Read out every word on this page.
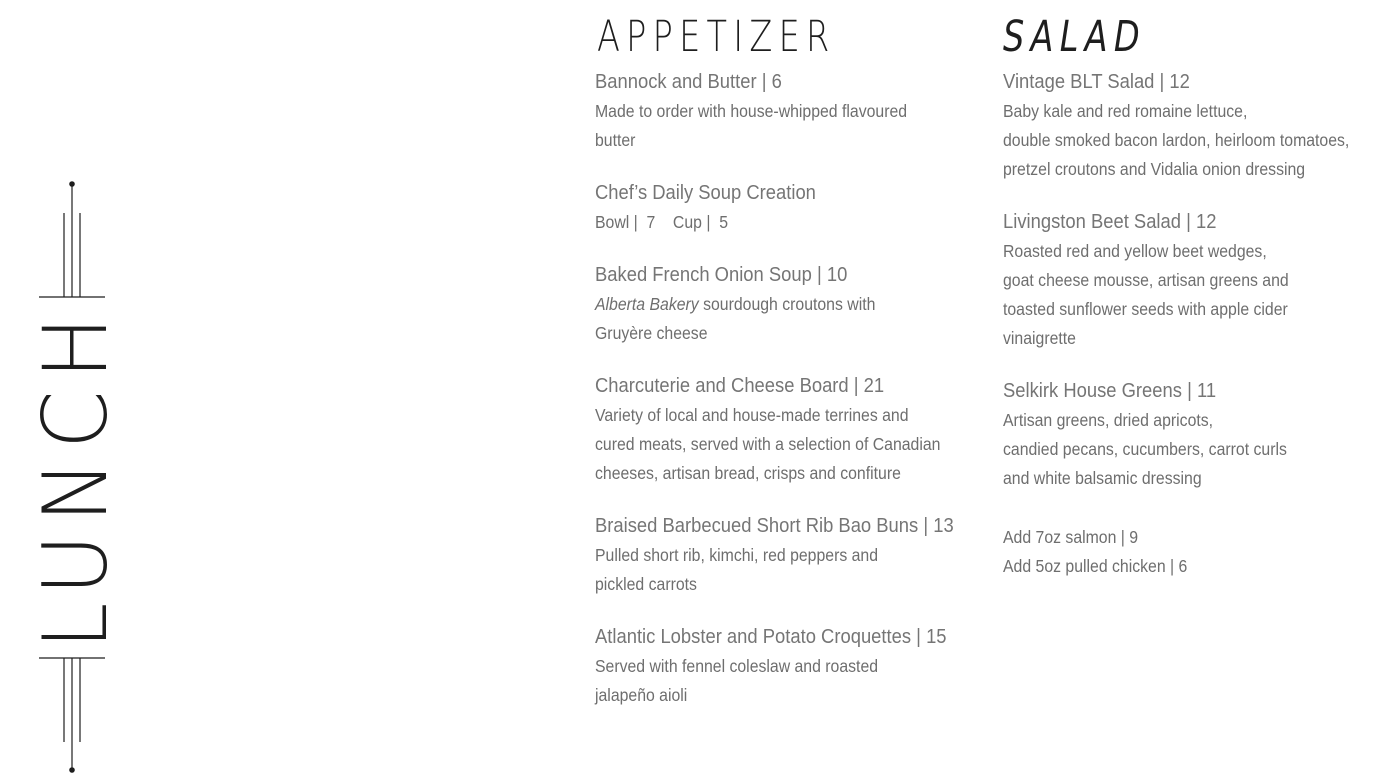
LUNCH
APPETIZER
Bannock and Butter | 6
Made to order with house-whipped flavoured
butter
Chef’s Daily Soup Creation
Bowl |  7    Cup |  5
Baked French Onion Soup | 10
Alberta Bakery sourdough croutons with
Gruyère cheese
Charcuterie and Cheese Board | 21
Variety of local and house-made terrines and
cured meats, served with a selection of Canadian
cheeses, artisan bread, crisps and confiture
Braised Barbecued Short Rib Bao Buns | 13
Pulled short rib, kimchi, red peppers and
pickled carrots
Atlantic Lobster and Potato Croquettes | 15
Served with fennel coleslaw and roasted
jalapeño aioli
SALAD
Vintage BLT Salad | 12
Baby kale and red romaine lettuce,
double smoked bacon lardon, heirloom tomatoes,
pretzel croutons and Vidalia onion dressing
Livingston Beet Salad | 12
Roasted red and yellow beet wedges,
goat cheese mousse, artisan greens and
toasted sunflower seeds with apple cider
vinaigrette
Selkirk House Greens | 11
Artisan greens, dried apricots,
candied pecans, cucumbers, carrot curls
and white balsamic dressing
Add 7oz salmon | 9
Add 5oz pulled chicken | 6
